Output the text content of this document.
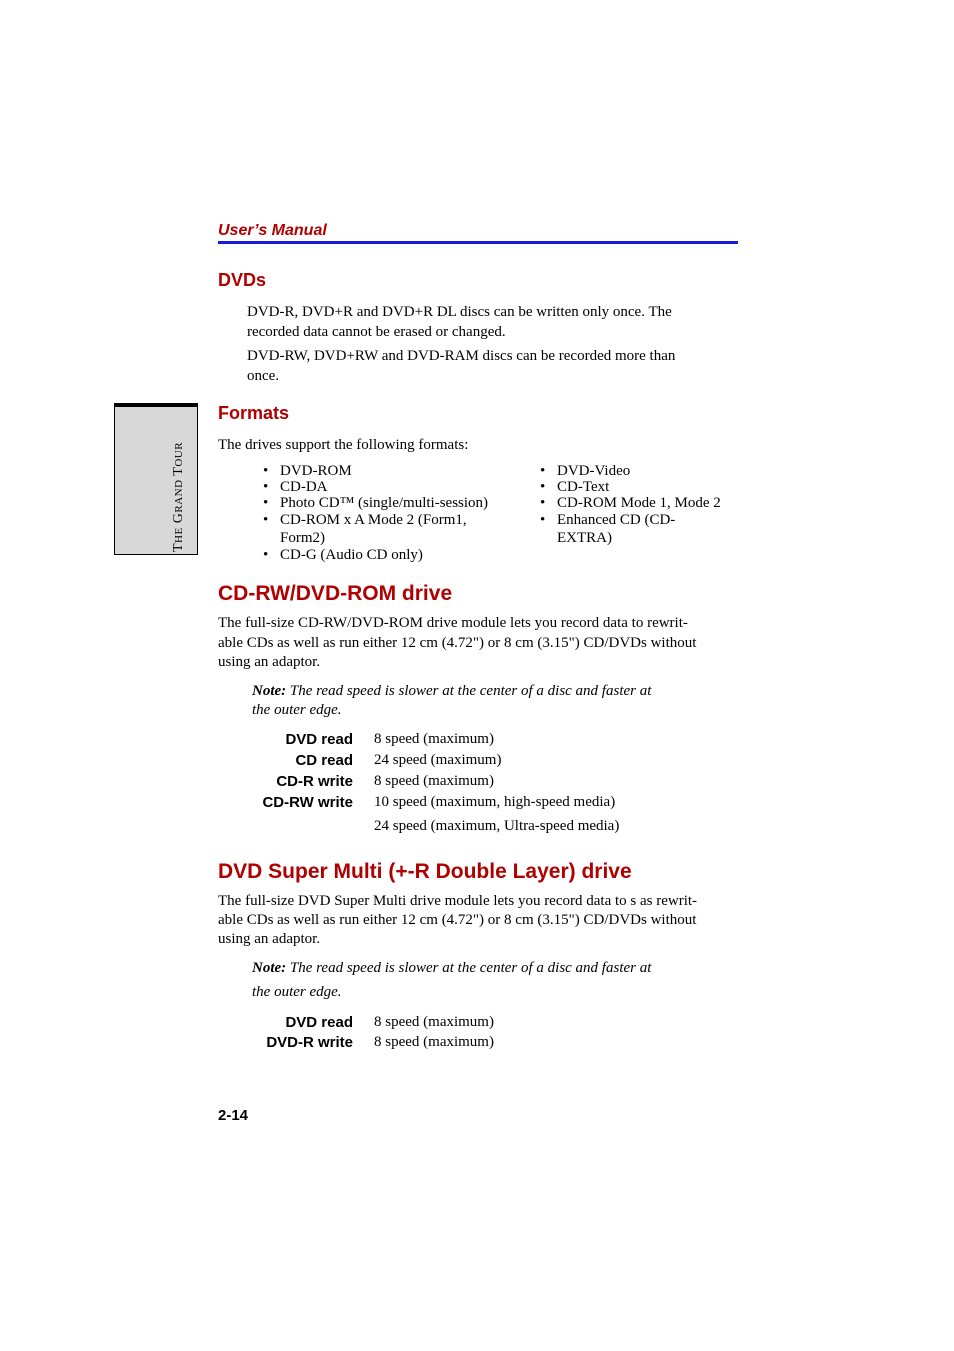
User’s Manual
THE GRAND TOUR
DVDs
DVD-R, DVD+R and DVD+R DL discs can be written only once. The
recorded data cannot be erased or changed.
DVD-RW, DVD+RW and DVD-RAM discs can be recorded more than
once.
Formats
The drives support the following formats:
• DVD-ROM
• CD-DA
• Photo CD™ (single/multi-session)
• CD-ROM x A Mode 2 (Form1, Form2)
• CD-G (Audio CD only)
• DVD-Video
• CD-Text
• CD-ROM Mode 1, Mode 2
• Enhanced CD (CD-EXTRA)
CD-RW/DVD-ROM drive
The full-size CD-RW/DVD-ROM drive module lets you record data to rewrit-
able CDs as well as run either 12 cm (4.72") or 8 cm (3.15") CD/DVDs without
using an adaptor.
Note: The read speed is slower at the center of a disc and faster at
the outer edge.
DVD read 8 speed (maximum)
CD read 24 speed (maximum)
CD-R write 8 speed (maximum)
CD-RW write 10 speed (maximum, high-speed media)
24 speed (maximum, Ultra-speed media)
DVD Super Multi (+-R Double Layer) drive
The full-size DVD Super Multi drive module lets you record data to s as rewrit-
able CDs as well as run either 12 cm (4.72") or 8 cm (3.15") CD/DVDs without
using an adaptor.
Note: The read speed is slower at the center of a disc and faster at
the outer edge.
DVD read 8 speed (maximum)
DVD-R write 8 speed (maximum)
2-14
